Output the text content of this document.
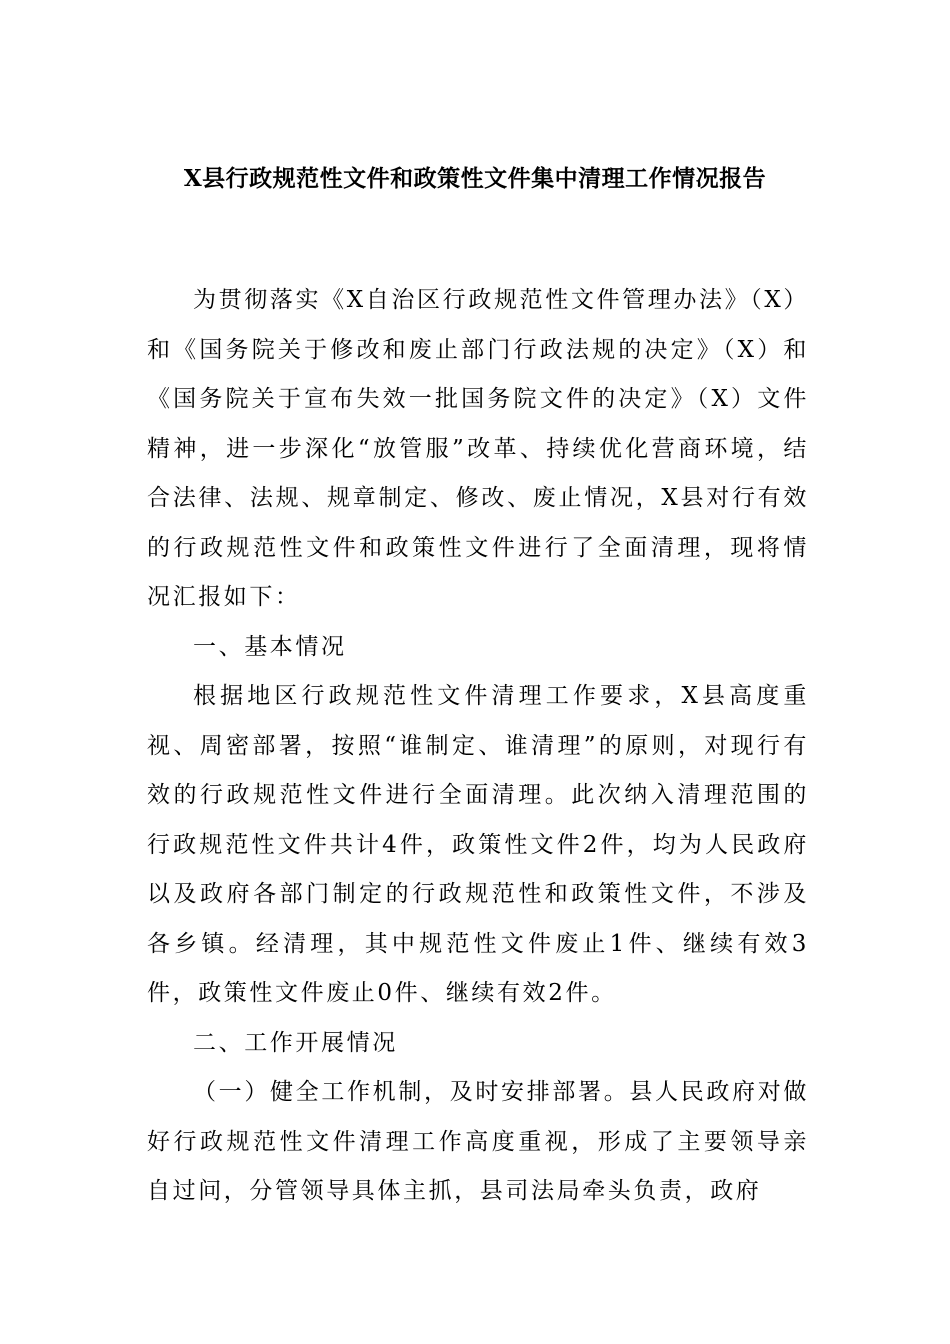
X县行政规范性文件和政策性文件集中清理工作情况报告

为贯彻落实《X自治区行政规范性文件管理办法》（X）和《国务院关于修改和废止部门行政法规的决定》（X）和《国务院关于宣布失效一批国务院文件的决定》（X）文件精神，进一步深化“放管服”改革、持续优化营商环境，结合法律、法规、规章制定、修改、废止情况，X县对行有效的行政规范性文件和政策性文件进行了全面清理，现将情况汇报如下：

一、基本情况

根据地区行政规范性文件清理工作要求，X县高度重视、周密部署，按照“谁制定、谁清理”的原则，对现行有效的行政规范性文件进行全面清理。此次纳入清理范围的行政规范性文件共计4件，政策性文件2件，均为人民政府以及政府各部门制定的行政规范性和政策性文件，不涉及各乡镇。经清理，其中规范性文件废止1件、继续有效3件，政策性文件废止0件、继续有效2件。

二、工作开展情况

（一）健全工作机制，及时安排部署。县人民政府对做好行政规范性文件清理工作高度重视，形成了主要领导亲自过问，分管领导具体主抓，县司法局牵头负责，政府
